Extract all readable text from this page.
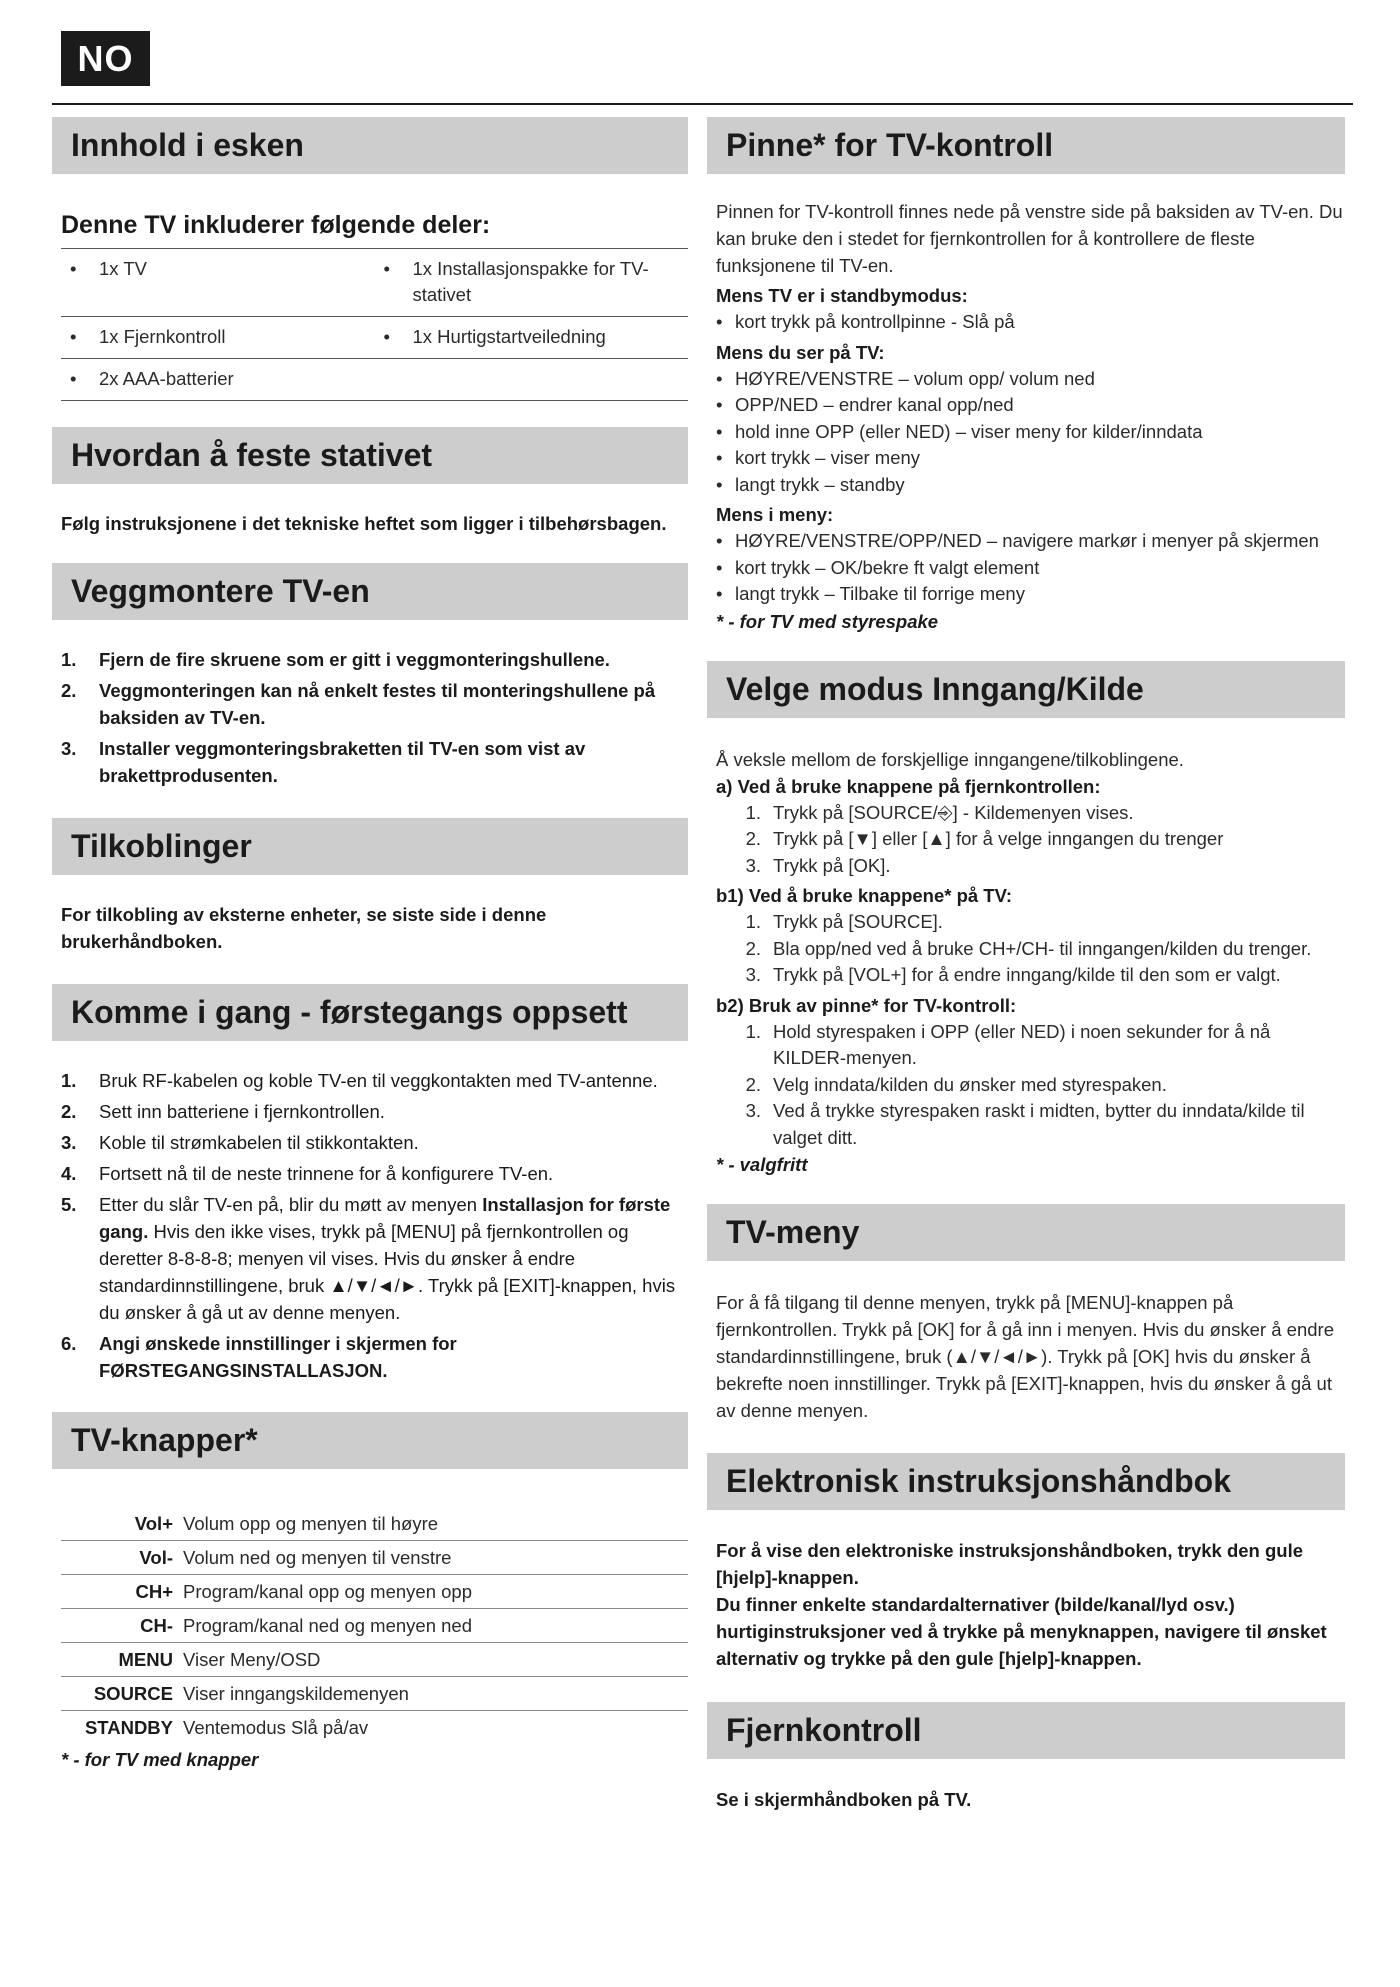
NO
Innhold i esken
Denne TV inkluderer følgende deler:
•	1x TV	•	1x Installasjonspakke for TV-stativet
•	1x Fjernkontroll	•	1x Hurtigstartveiledning
•	2x AAA-batterier
Hvordan å feste stativet
Følg instruksjonene i det tekniske heftet som ligger i tilbehørsbagen.
Veggmontere TV-en
1.	Fjern de fire skruene som er gitt i veggmonteringshullene.
2.	Veggmonteringen kan nå enkelt festes til monteringshullene på baksiden av TV-en.
3.	Installer veggmonteringsbraketten til TV-en som vist av brakettprodusenten.
Tilkoblinger
For tilkobling av eksterne enheter, se siste side i denne brukerhåndboken.
Komme i gang - førstegangs oppsett
1.	Bruk RF-kabelen og koble TV-en til veggkontakten med TV-antenne.
2.	Sett inn batteriene i fjernkontrollen.
3.	Koble til strømkabelen til stikkontakten.
4.	Fortsett nå til de neste trinnene for å konfigurere TV-en.
5.	Etter du slår TV-en på, blir du møtt av menyen Installasjon for første gang. Hvis den ikke vises, trykk på [MENU] på fjernkontrollen og deretter 8-8-8-8; menyen vil vises. Hvis du ønsker å endre standardinnstillingene, bruk ▲/▼/◄/►. Trykk på [EXIT]-knappen, hvis du ønsker å gå ut av denne menyen.
6.	Angi ønskede innstillinger i skjermen for FØRSTEGANGSINSTALLASJON.
TV-knapper*
Vol+ Volum opp og menyen til høyre
Vol- Volum ned og menyen til venstre
CH+ Program/kanal opp og menyen opp
CH- Program/kanal ned og menyen ned
MENU Viser Meny/OSD
SOURCE Viser inngangskildemenyen
STANDBY Ventemodus Slå på/av
* - for TV med knapper
Pinne* for TV-kontroll
Pinnen for TV-kontroll finnes nede på venstre side på baksiden av TV-en. Du kan bruke den i stedet for fjernkontrollen for å kontrollere de fleste funksjonene til TV-en.
Mens TV er i standbymodus:
• kort trykk på kontrollpinne - Slå på
Mens du ser på TV:
• HØYRE/VENSTRE – volum opp/ volum ned
• OPP/NED – endrer kanal opp/ned
• hold inne OPP (eller NED) – viser meny for kilder/inndata
• kort trykk – viser meny
• langt trykk – standby
Mens i meny:
• HØYRE/VENSTRE/OPP/NED – navigere markør i menyer på skjermen
• kort trykk – OK/bekre ft valgt element
• langt trykk – Tilbake til forrige meny
* - for TV med styrespake
Velge modus Inngang/Kilde
Å veksle mellom de forskjellige inngangene/tilkoblingene.
a) Ved å bruke knappene på fjernkontrollen:
1. Trykk på [SOURCE/⎆] - Kildemenyen vises.
2. Trykk på [▼] eller [▲] for å velge inngangen du trenger
3. Trykk på [OK].
b1) Ved å bruke knappene* på TV:
1. Trykk på [SOURCE].
2. Bla opp/ned ved å bruke CH+/CH- til inngangen/kilden du trenger.
3. Trykk på [VOL+] for å endre inngang/kilde til den som er valgt.
b2) Bruk av pinne* for TV-kontroll:
1. Hold styrespaken i OPP (eller NED) i noen sekunder for å nå KILDER-menyen.
2. Velg inndata/kilden du ønsker med styrespaken.
3. Ved å trykke styrespaken raskt i midten, bytter du inndata/kilde til valget ditt.
* - valgfritt
TV-meny
For å få tilgang til denne menyen, trykk på [MENU]-knappen på fjernkontrollen. Trykk på [OK] for å gå inn i menyen. Hvis du ønsker å endre standardinnstillingene, bruk (▲/▼/◄/►). Trykk på [OK] hvis du ønsker å bekrefte noen innstillinger. Trykk på [EXIT]-knappen, hvis du ønsker å gå ut av denne menyen.
Elektronisk instruksjonshåndbok
For å vise den elektroniske instruksjonshåndboken, trykk den gule [hjelp]-knappen.
Du finner enkelte standardalternativer (bilde/kanal/lyd osv.) hurtiginstruksjoner ved å trykke på menyknappen, navigere til ønsket alternativ og trykke på den gule [hjelp]-knappen.
Fjernkontroll
Se i skjermhåndboken på TV.
